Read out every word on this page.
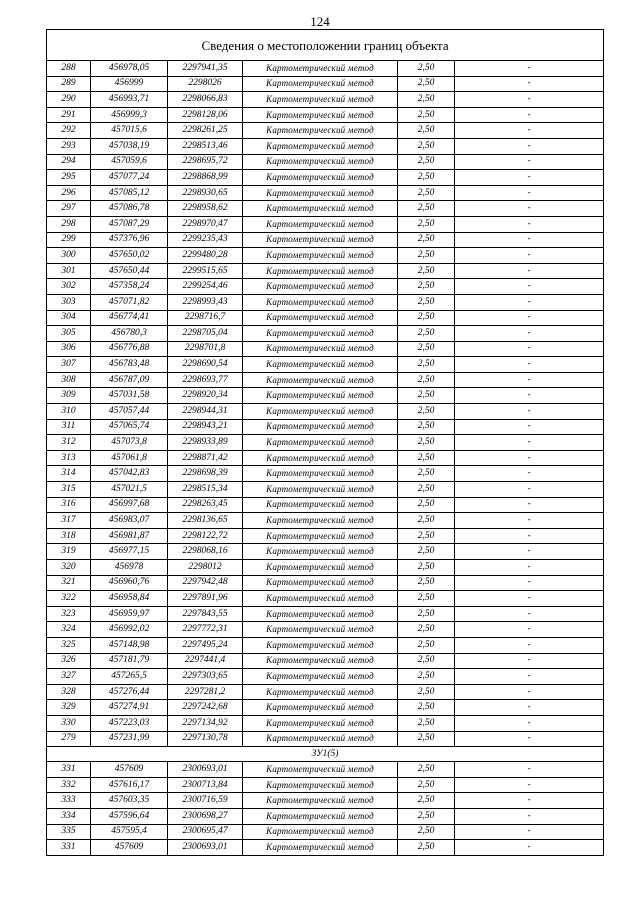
124
Сведения о местоположении границ объекта					
288	456978,05	2297941,35	Картометрический метод	2,50	-
289	456999	2298026	Картометрический метод	2,50	-
290	456993,71	2298066,83	Картометрический метод	2,50	-
291	456999,3	2298128,06	Картометрический метод	2,50	-
292	457015,6	2298261,25	Картометрический метод	2,50	-
293	457038,19	2298513,46	Картометрический метод	2,50	-
294	457059,6	2298695,72	Картометрический метод	2,50	-
295	457077,24	2298868,99	Картометрический метод	2,50	-
296	457085,12	2298930,65	Картометрический метод	2,50	-
297	457086,78	2298958,62	Картометрический метод	2,50	-
298	457087,29	2298970,47	Картометрический метод	2,50	-
299	457376,96	2299235,43	Картометрический метод	2,50	-
300	457650,02	2299480,28	Картометрический метод	2,50	-
301	457650,44	2299515,65	Картометрический метод	2,50	-
302	457358,24	2299254,46	Картометрический метод	2,50	-
303	457071,82	2298993,43	Картометрический метод	2,50	-
304	456774,41	2298716,7	Картометрический метод	2,50	-
305	456780,3	2298705,04	Картометрический метод	2,50	-
306	456776,88	2298701,8	Картометрический метод	2,50	-
307	456783,48	2298690,54	Картометрический метод	2,50	-
308	456787,09	2298693,77	Картометрический метод	2,50	-
309	457031,58	2298920,34	Картометрический метод	2,50	-
310	457057,44	2298944,31	Картометрический метод	2,50	-
311	457065,74	2298943,21	Картометрический метод	2,50	-
312	457073,8	2298933,89	Картометрический метод	2,50	-
313	457061,8	2298871,42	Картометрический метод	2,50	-
314	457042,83	2298698,39	Картометрический метод	2,50	-
315	457021,5	2298515,34	Картометрический метод	2,50	-
316	456997,68	2298263,45	Картометрический метод	2,50	-
317	456983,07	2298136,65	Картометрический метод	2,50	-
318	456981,87	2298122,72	Картометрический метод	2,50	-
319	456977,15	2298068,16	Картометрический метод	2,50	-
320	456978	2298012	Картометрический метод	2,50	-
321	456960,76	2297942,48	Картометрический метод	2,50	-
322	456958,84	2297891,96	Картометрический метод	2,50	-
323	456959,97	2297843,55	Картометрический метод	2,50	-
324	456992,02	2297772,31	Картометрический метод	2,50	-
325	457148,98	2297495,24	Картометрический метод	2,50	-
326	457181,79	2297441,4	Картометрический метод	2,50	-
327	457265,5	2297303,65	Картометрический метод	2,50	-
328	457276,44	2297281,2	Картометрический метод	2,50	-
329	457274,91	2297242,68	Картометрический метод	2,50	-
330	457223,03	2297134,92	Картометрический метод	2,50	-
279	457231,99	2297130,78	Картометрический метод	2,50	-
ЗУ1(5)					
331	457609	2300693,01	Картометрический метод	2,50	-
332	457616,17	2300713,84	Картометрический метод	2,50	-
333	457603,35	2300716,59	Картометрический метод	2,50	-
334	457596,64	2300698,27	Картометрический метод	2,50	-
335	457595,4	2300695,47	Картометрический метод	2,50	-
331	457609	2300693,01	Картометрический метод	2,50	-
